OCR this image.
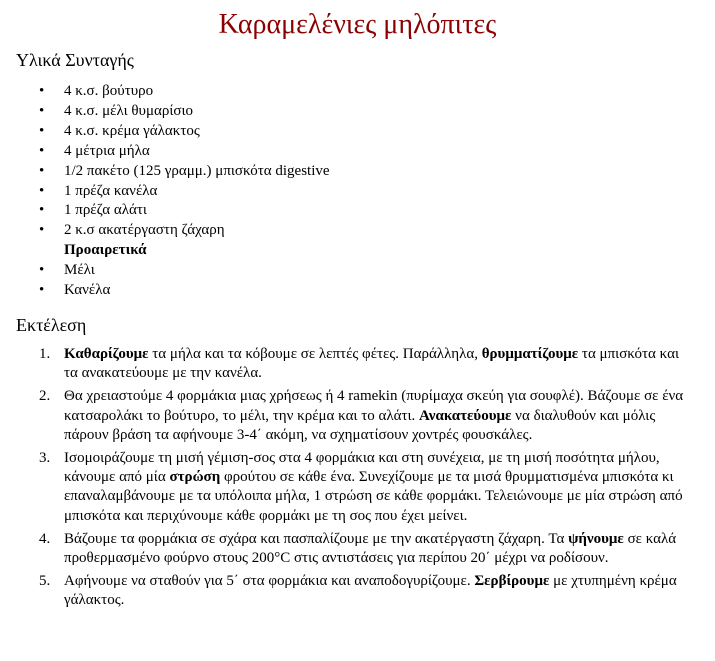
Καραμελένιες μηλόπιτες
Υλικά Συνταγής
• 4 κ.σ. βούτυρο
• 4 κ.σ. μέλι θυμαρίσιο
• 4 κ.σ. κρέμα γάλακτος
• 4 μέτρια μήλα
• 1/2 πακέτο (125 γραμμ.) μπισκότα digestive
• 1 πρέζα κανέλα
• 1 πρέζα αλάτι
• 2 κ.σ ακατέργαστη ζάχαρη
Προαιρετικά
• Μέλι
• Κανέλα
Εκτέλεση
1. Καθαρίζουμε τα μήλα και τα κόβουμε σε λεπτές φέτες. Παράλληλα, θρυμματίζουμε τα μπισκότα και τα ανακατεύουμε με την κανέλα.
2. Θα χρειαστούμε 4 φορμάκια μιας χρήσεως ή 4 ramekin (πυρίμαχα σκεύη για σουφλέ). Βάζουμε σε ένα κατσαρολάκι το βούτυρο, το μέλι, την κρέμα και το αλάτι. Ανακατεύουμε να διαλυθούν και μόλις πάρουν βράση τα αφήνουμε 3-4΄ ακόμη, να σχηματίσουν χοντρές φουσκάλες.
3. Ισομοιράζουμε τη μισή γέμιση-σος στα 4 φορμάκια και στη συνέχεια, με τη μισή ποσότητα μήλου, κάνουμε από μία στρώση φρούτου σε κάθε ένα. Συνεχίζουμε με τα μισά θρυμματισμένα μπισκότα κι επαναλαμβάνουμε με τα υπόλοιπα μήλα, 1 στρώση σε κάθε φορμάκι. Τελειώνουμε με μία στρώση από μπισκότα και περιχύνουμε κάθε φορμάκι με τη σος που έχει μείνει.
4. Βάζουμε τα φορμάκια σε σχάρα και πασπαλίζουμε με την ακατέργαστη ζάχαρη. Τα ψήνουμε σε καλά προθερμασμένο φούρνο στους 200°C στις αντιστάσεις για περίπου 20΄ μέχρι να ροδίσουν.
5. Αφήνουμε να σταθούν για 5΄ στα φορμάκια και αναποδογυρίζουμε. Σερβίρουμε με χτυπημένη κρέμα γάλακτος.
